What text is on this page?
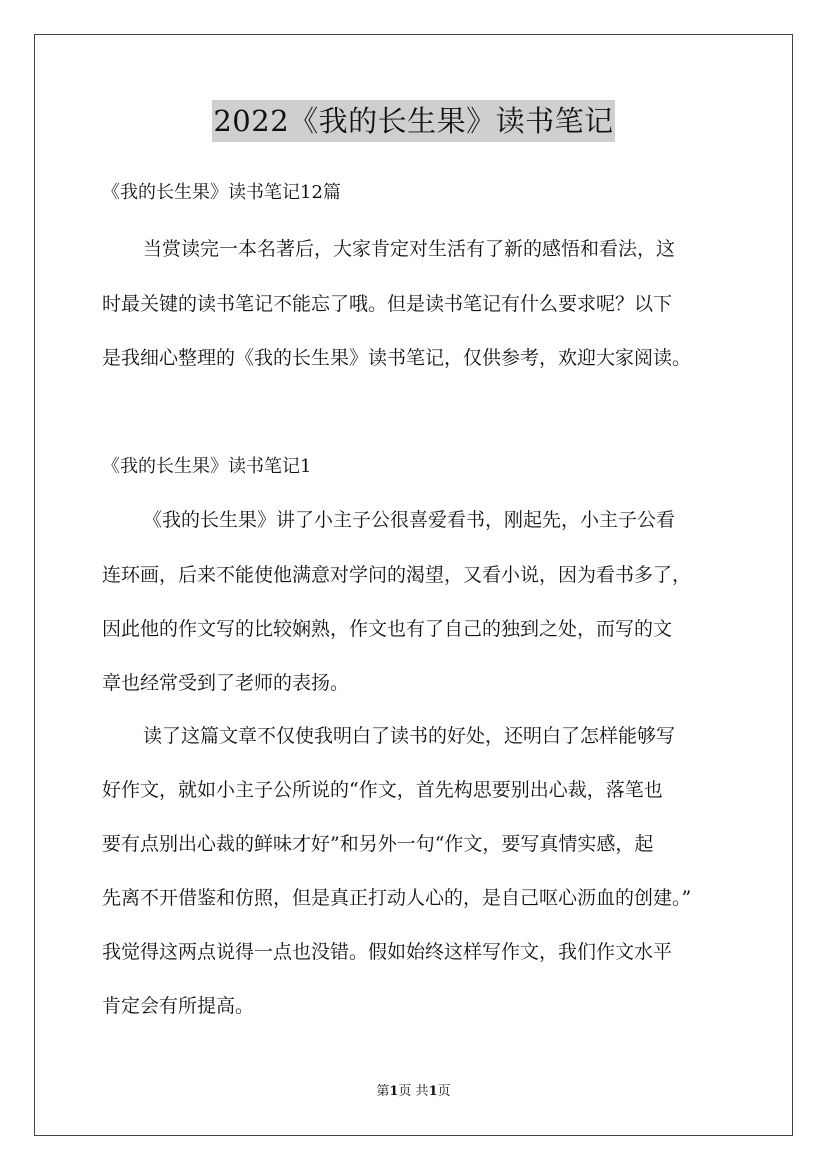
2022《我的长生果》读书笔记
《我的长生果》读书笔记12篇
当赏读完一本名著后，大家肯定对生活有了新的感悟和看法，这
时最关键的读书笔记不能忘了哦。但是读书笔记有什么要求呢？以下
是我细心整理的《我的长生果》读书笔记，仅供参考，欢迎大家阅读。
《我的长生果》读书笔记1
《我的长生果》讲了小主子公很喜爱看书，刚起先，小主子公看
连环画，后来不能使他满意对学问的渴望，又看小说，因为看书多了，
因此他的作文写的比较娴熟，作文也有了自己的独到之处，而写的文
章也经常受到了老师的表扬。
读了这篇文章不仅使我明白了读书的好处，还明白了怎样能够写
好作文，就如小主子公所说的“作文，首先构思要别出心裁，落笔也
要有点别出心裁的鲜味才好”和另外一句“作文，要写真情实感，起
先离不开借鉴和仿照，但是真正打动人心的，是自己呕心沥血的创建。”
我觉得这两点说得一点也没错。假如始终这样写作文，我们作文水平
肯定会有所提高。
第1页 共1页
